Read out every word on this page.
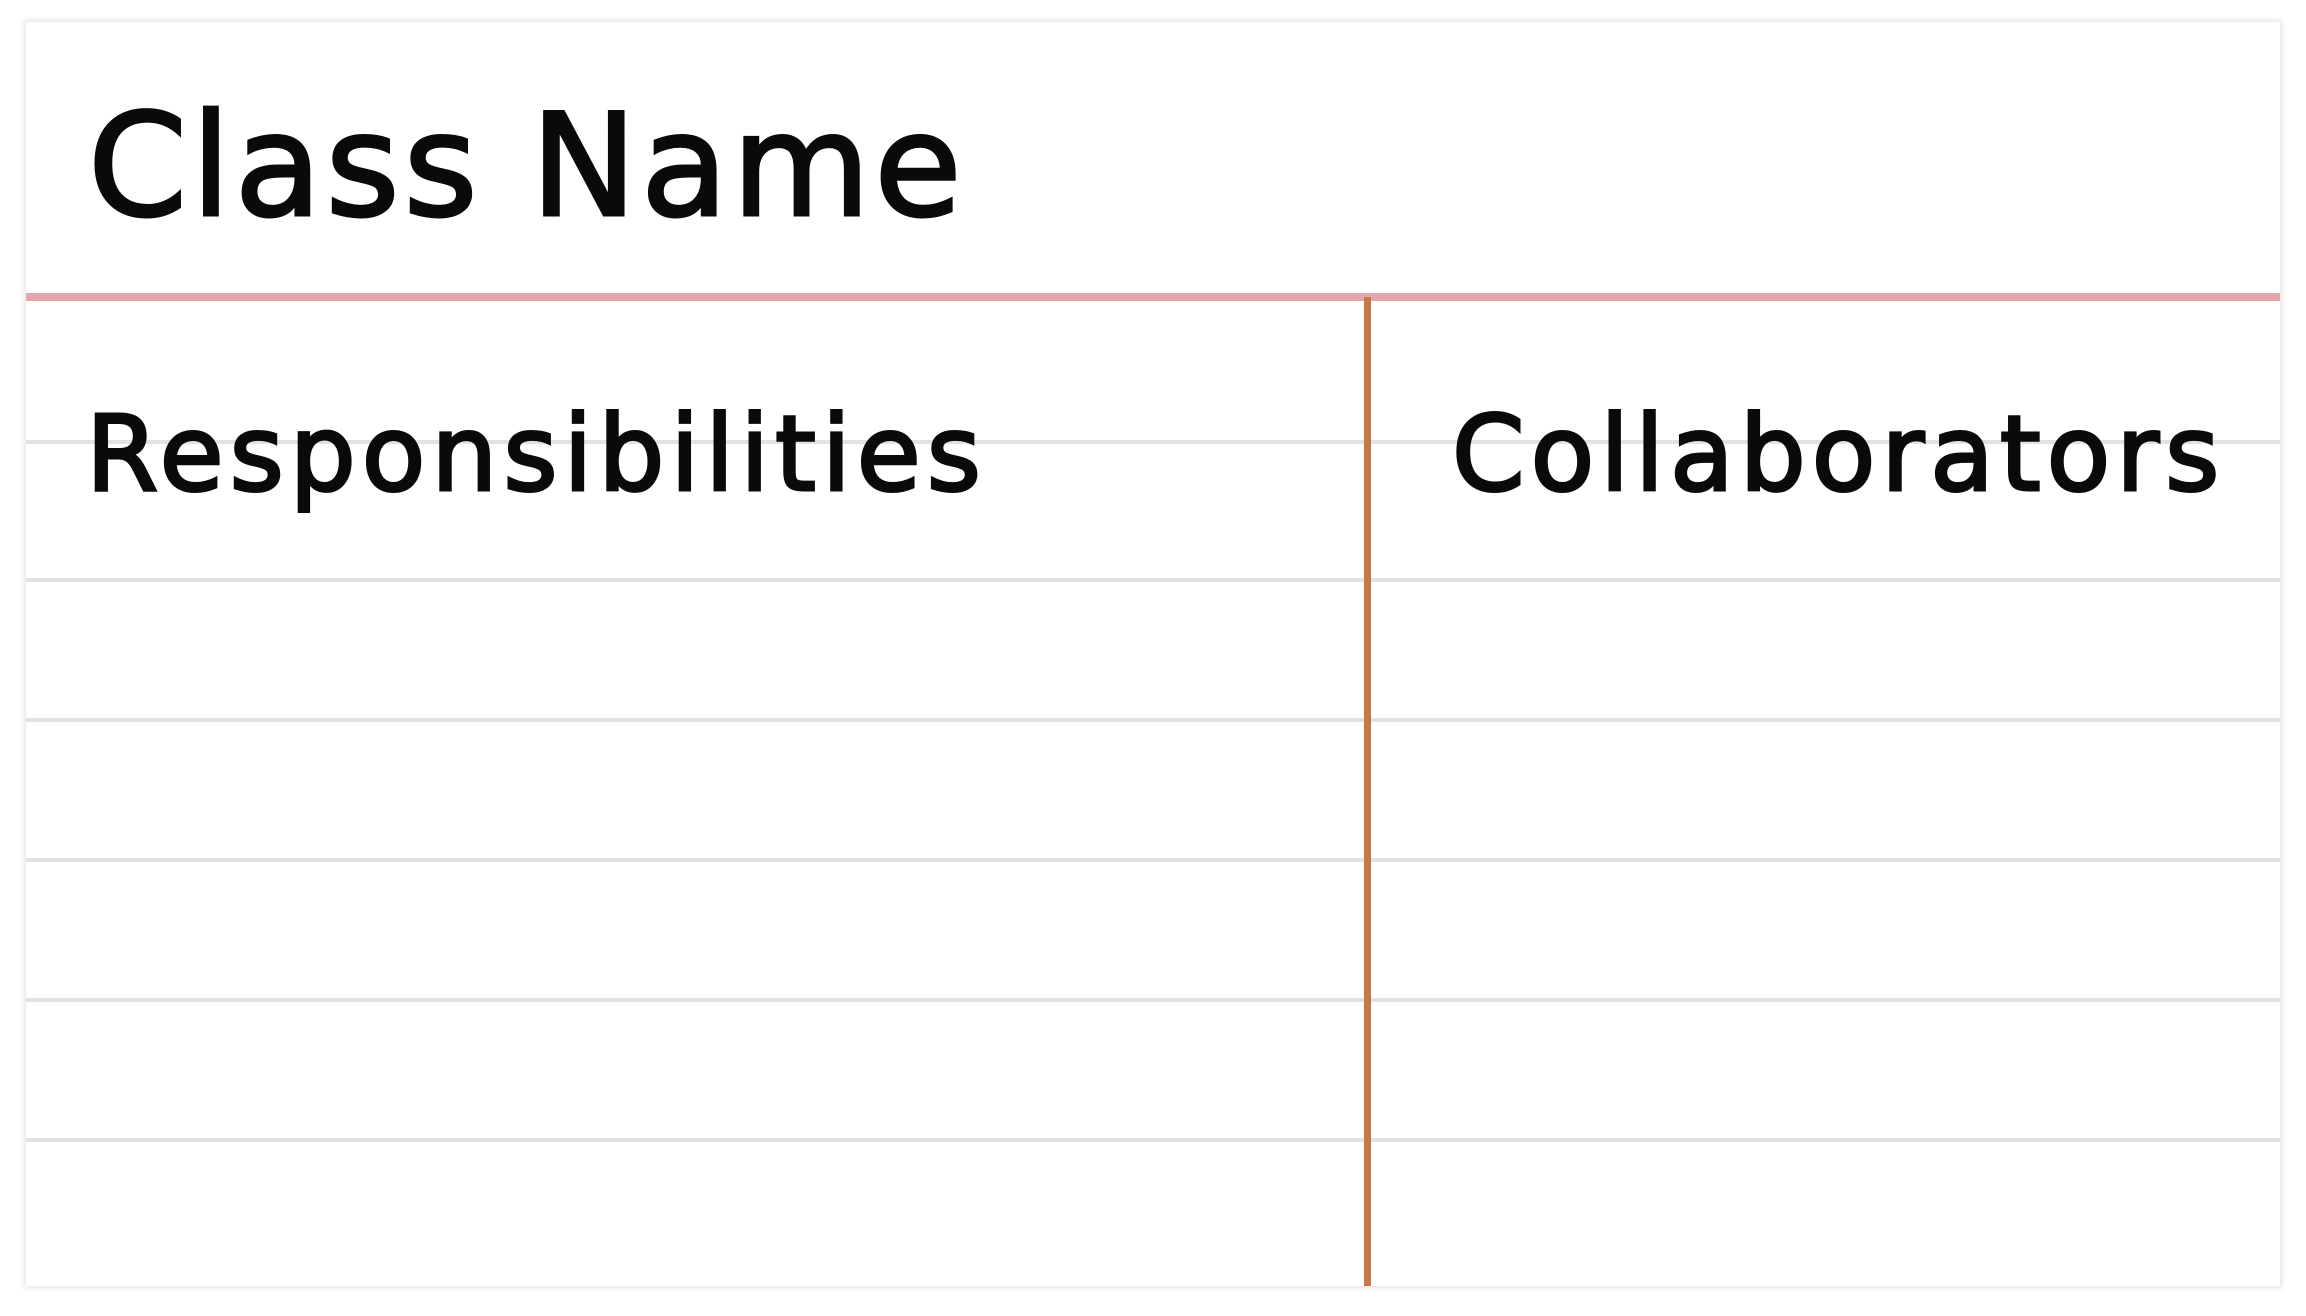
Class Name
Responsibilities	Collaborators
